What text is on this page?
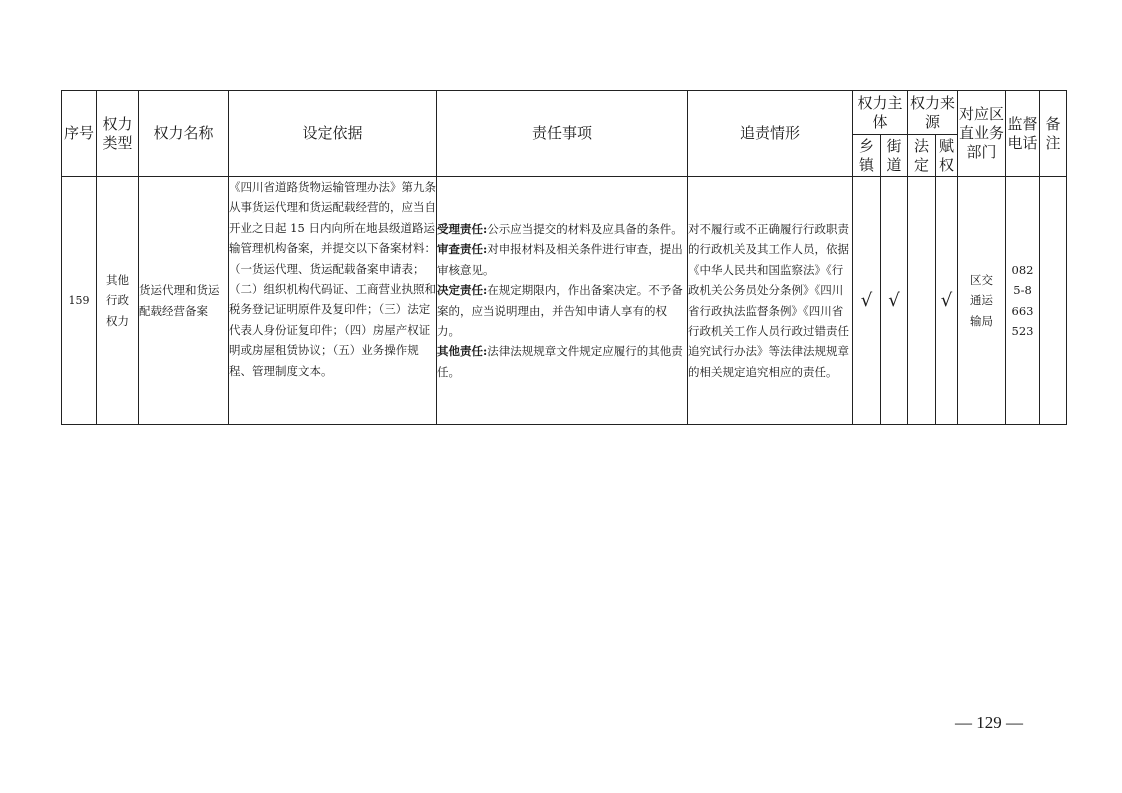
序号	权力类型	权力名称	设定依据	责任事项	追责情形	权力主体		权力来源		对应区直业务部门	监督电话	备注
						乡镇	街道	法定	赋权			
159	其他行政权力	货运代理和货运配载经营备案	《四川省道路货物运输管理办法》第九条　　从事货运代理和货运配载经营的，应当自开业之日起 15 日内向所在地县级道路运输管理机构备案，并提交以下备案材料：（一货运代理、货运配载备案申请表；（二）组织机构代码证、工商营业执照和税务登记证明原件及复印件；（三）法定代表人身份证复印件；（四）房屋产权证明或房屋租赁协议；（五）业务操作规程、管理制度文本。	受理责任:公示应当提交的材料及应具备的条件。
审查责任:对申报材料及相关条件进行审查，提出审核意见。
决定责任:在规定期限内，作出备案决定。不予备案的，应当说明理由，并告知申请人享有的权力。
其他责任:法律法规规章文件规定应履行的其他责任。	对不履行或不正确履行行政职责的行政机关及其工作人员，依据《中华人民共和国监察法》《行政机关公务员处分条例》《四川省行政执法监督条例》《四川省行政机关工作人员行政过错责任追究试行办法》等法律法规规章的相关规定追究相应的责任。	√	√		√	区交通运输局	0825-8663523	
— 129 —
